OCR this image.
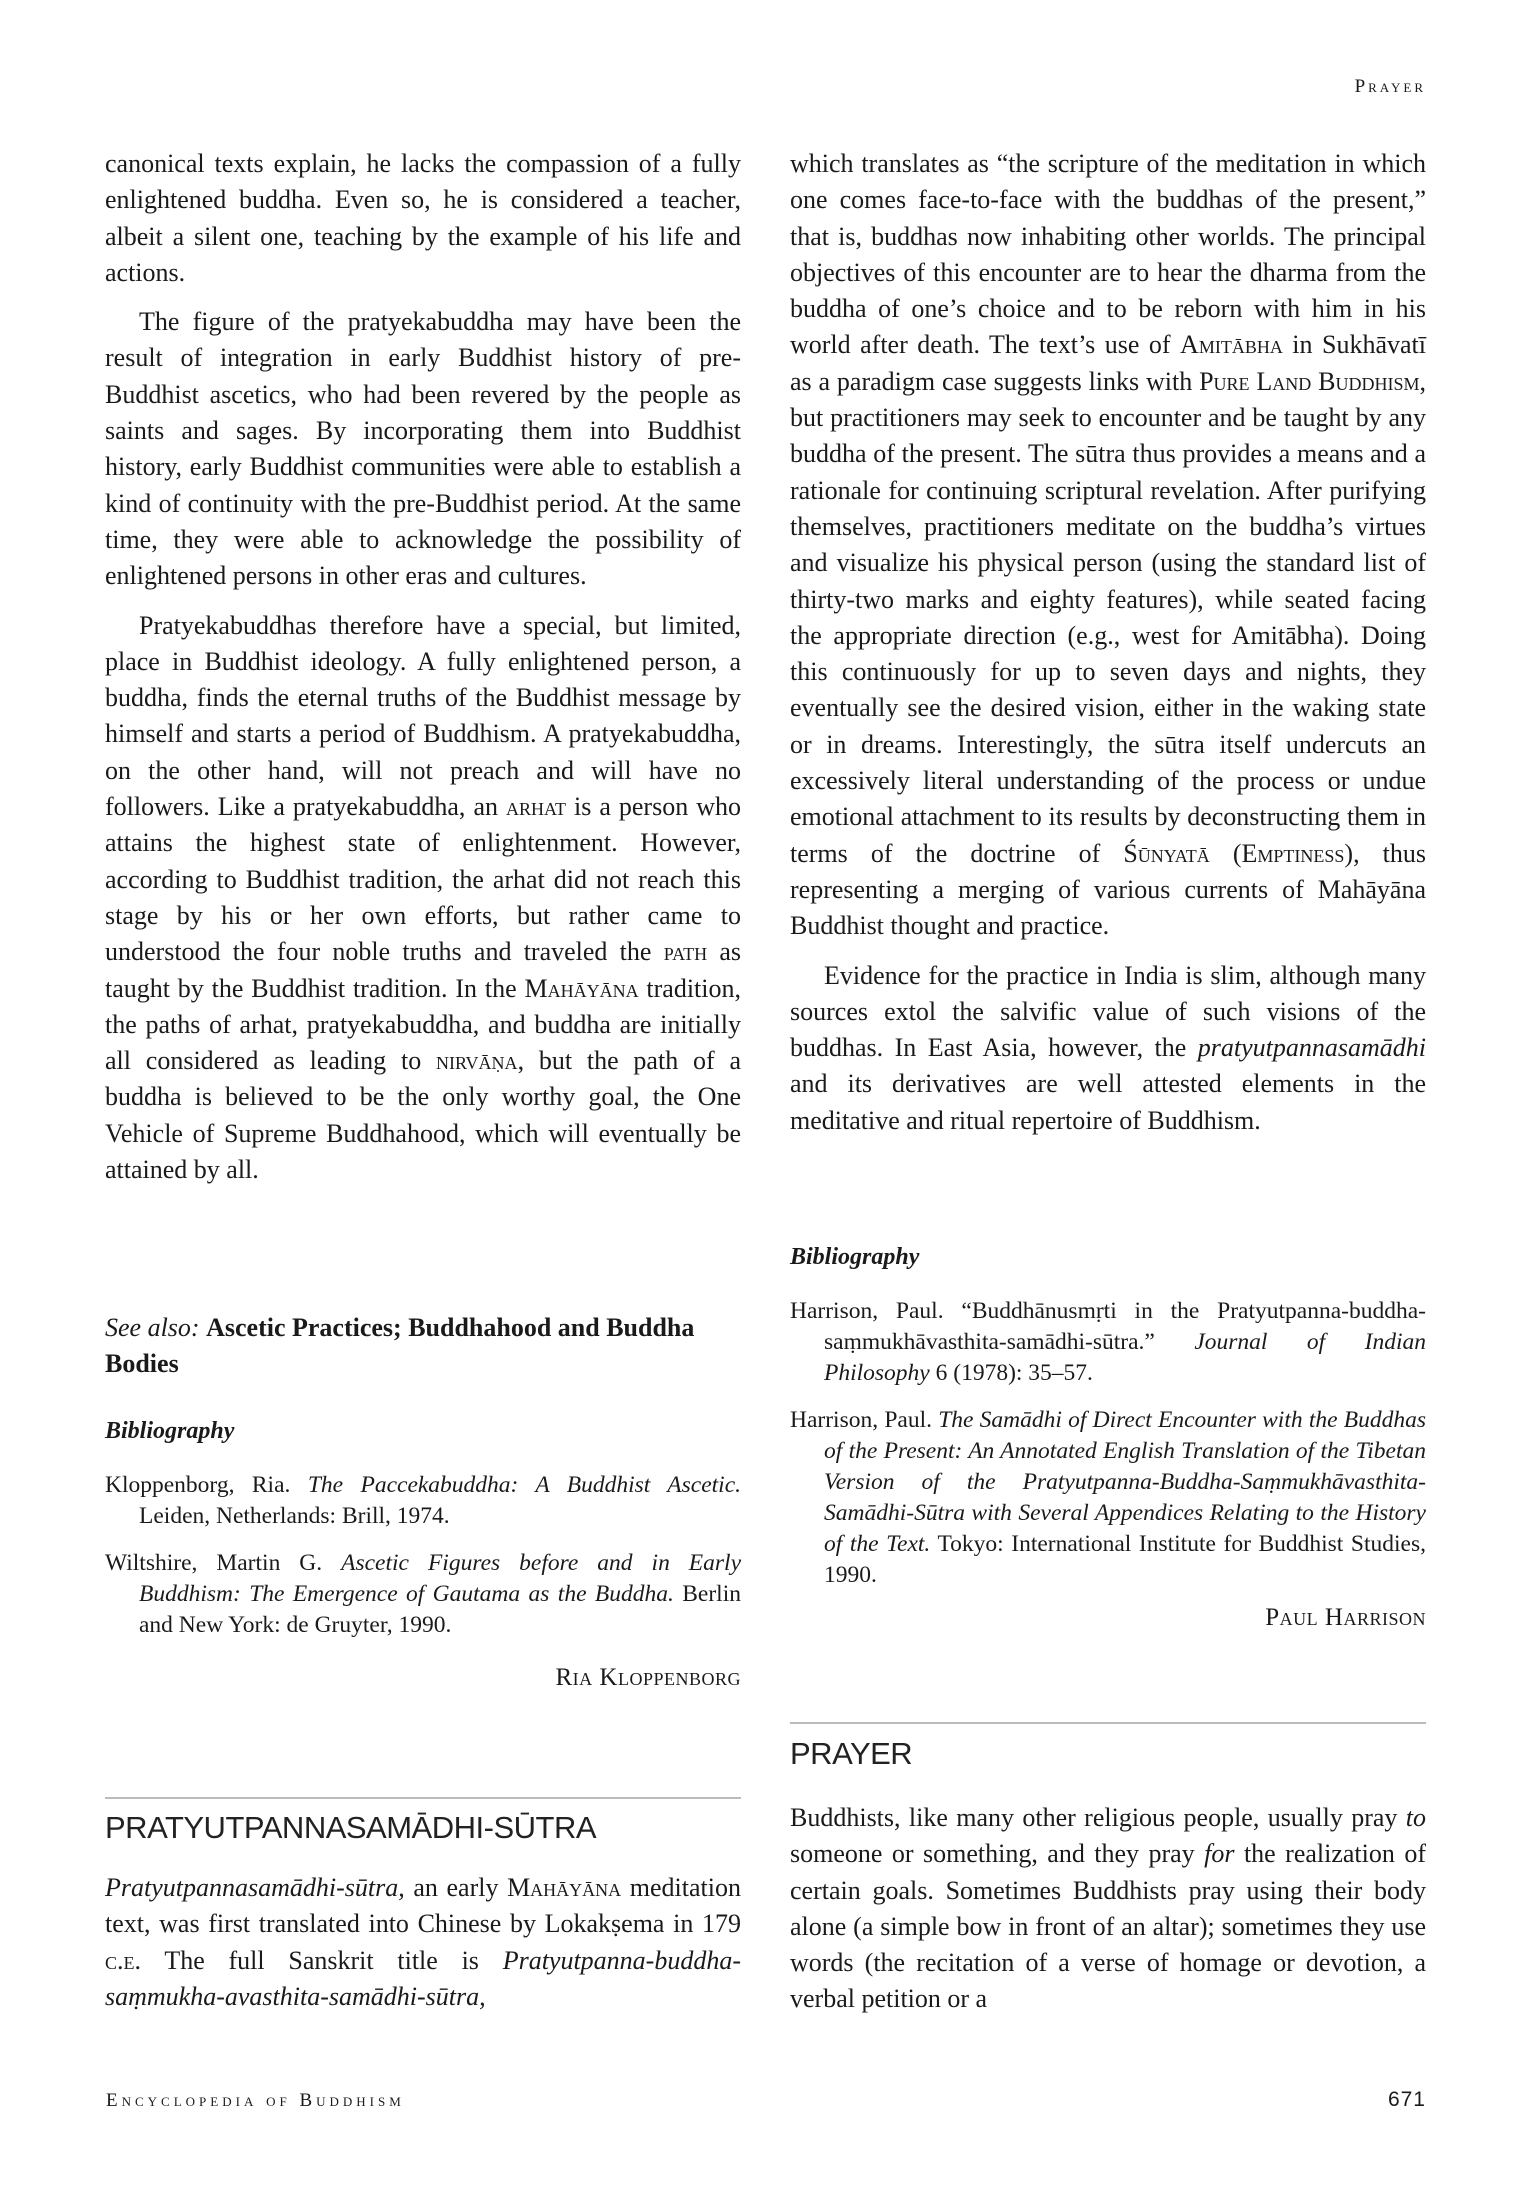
Prayer

canonical texts explain, he lacks the compassion of a fully enlightened buddha. Even so, he is considered a teacher, albeit a silent one, teaching by the example of his life and actions.

The figure of the pratyekabuddha may have been the result of integration in early Buddhist history of pre-Buddhist ascetics, who had been revered by the people as saints and sages. By incorporating them into Buddhist history, early Buddhist communities were able to establish a kind of continuity with the pre-Buddhist period. At the same time, they were able to acknowledge the possibility of enlightened persons in other eras and cultures.

Pratyekabuddhas therefore have a special, but limited, place in Buddhist ideology. A fully enlightened person, a buddha, finds the eternal truths of the Buddhist message by himself and starts a period of Buddhism. A pratyekabuddha, on the other hand, will not preach and will have no followers. Like a pratyekabuddha, an arhat is a person who attains the highest state of enlightenment. However, according to Buddhist tradition, the arhat did not reach this stage by his or her own efforts, but rather came to understood the four noble truths and traveled the path as taught by the Buddhist tradition. In the Mahāyāna tradition, the paths of arhat, pratyekabuddha, and buddha are initially all considered as leading to nirvāṇa, but the path of a buddha is believed to be the only worthy goal, the One Vehicle of Supreme Buddhahood, which will eventually be attained by all.

See also: Ascetic Practices; Buddhahood and Buddha Bodies
Bibliography

Kloppenborg, Ria. The Paccekabuddha: A Buddhist Ascetic. Leiden, Netherlands: Brill, 1974.

Wiltshire, Martin G. Ascetic Figures before and in Early Buddhism: The Emergence of Gautama as the Buddha. Berlin and New York: de Gruyter, 1990.

Ria Kloppenborg
PRATYUTPANNASAMĀDHI-SŪTRA

Pratyutpannasamādhi-sūtra, an early Mahāyāna meditation text, was first translated into Chinese by Lokakṣema in 179 c.e. The full Sanskrit title is Pratyutpanna-buddha-saṃmukha-avasthita-samādhi-sūtra,

which translates as “the scripture of the meditation in which one comes face-to-face with the buddhas of the present,” that is, buddhas now inhabiting other worlds. The principal objectives of this encounter are to hear the dharma from the buddha of one’s choice and to be reborn with him in his world after death. The text’s use of Amitābha in Sukhāvatī as a paradigm case suggests links with Pure Land Buddhism, but practitioners may seek to encounter and be taught by any buddha of the present. The sūtra thus provides a means and a rationale for continuing scriptural revelation. After purifying themselves, practitioners meditate on the buddha’s virtues and visualize his physical person (using the standard list of thirty-two marks and eighty features), while seated facing the appropriate direction (e.g., west for Amitābha). Doing this continuously for up to seven days and nights, they eventually see the desired vision, either in the waking state or in dreams. Interestingly, the sūtra itself undercuts an excessively literal understanding of the process or undue emotional attachment to its results by deconstructing them in terms of the doctrine of Śūnyatā (Emptiness), thus representing a merging of various currents of Mahāyāna Buddhist thought and practice.

Evidence for the practice in India is slim, although many sources extol the salvific value of such visions of the buddhas. In East Asia, however, the pratyutpannasamādhi and its derivatives are well attested elements in the meditative and ritual repertoire of Buddhism.

Bibliography

Harrison, Paul. “Buddhānusmṛti in the Pratyutpanna-buddha-saṃmukhāvasthita-samādhi-sūtra.” Journal of Indian Philosophy 6 (1978): 35–57.

Harrison, Paul. The Samādhi of Direct Encounter with the Buddhas of the Present: An Annotated English Translation of the Tibetan Version of the Pratyutpanna-Buddha-Saṃmukhāvasthita-Samādhi-Sūtra with Several Appendices Relating to the History of the Text. Tokyo: International Institute for Buddhist Studies, 1990.

Paul Harrison
PRAYER

Buddhists, like many other religious people, usually pray to someone or something, and they pray for the realization of certain goals. Sometimes Buddhists pray using their body alone (a simple bow in front of an altar); sometimes they use words (the recitation of a verse of homage or devotion, a verbal petition or a

Encyclopedia of Buddhism	671
